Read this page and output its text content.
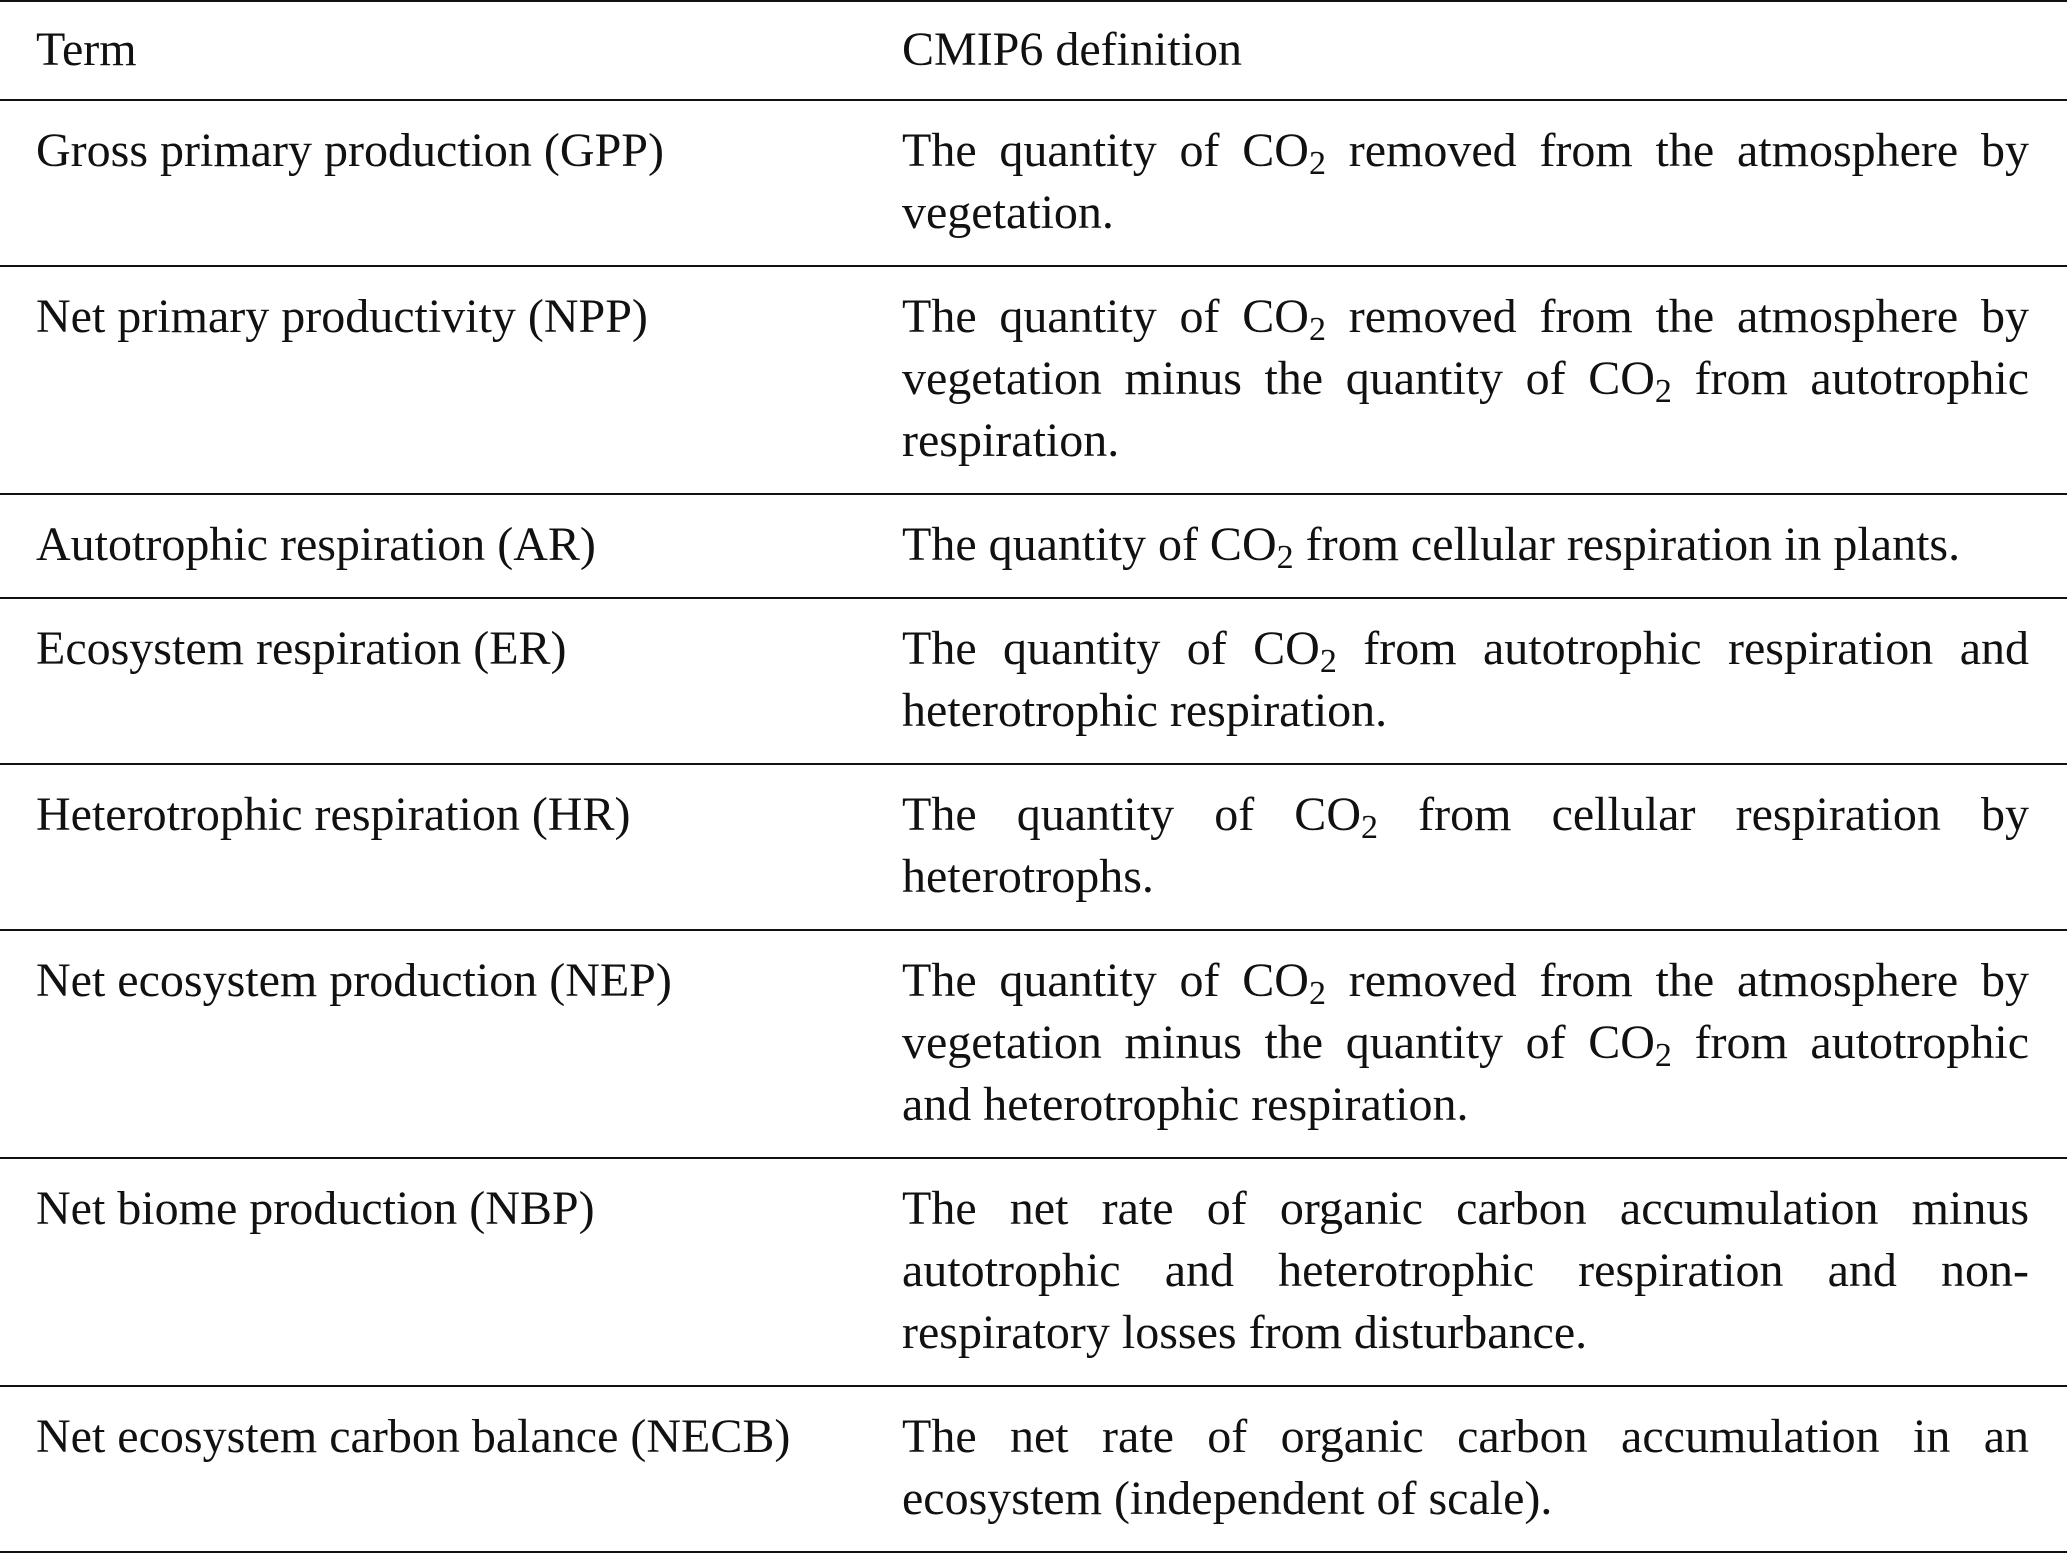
Term	CMIP6 definition
Gross primary production (GPP)	The quantity of $CO_2$ removed from the atmosphere by vegetation.
Net primary productivity (NPP)	The quantity of $CO_2$ removed from the atmosphere by vegetation minus the quantity of $CO_2$ from autotrophic respiration.
Autotrophic respiration (AR)	The quantity of $CO_2$ from cellular respiration in plants.
Ecosystem respiration (ER)	The quantity of $CO_2$ from autotrophic respiration and heterotrophic respiration.
Heterotrophic respiration (HR)	The quantity of $CO_2$ from cellular respiration by heterotrophs.
Net ecosystem production (NEP)	The quantity of $CO_2$ removed from the atmosphere by vegetation minus the quantity of $CO_2$ from autotrophic and heterotrophic respiration.
Net biome production (NBP)	The net rate of organic carbon accumulation minus autotrophic and heterotrophic respiration and non-respiratory losses from disturbance.
Net ecosystem carbon balance (NECB)	The net rate of organic carbon accumulation in an ecosystem (independent of scale).
